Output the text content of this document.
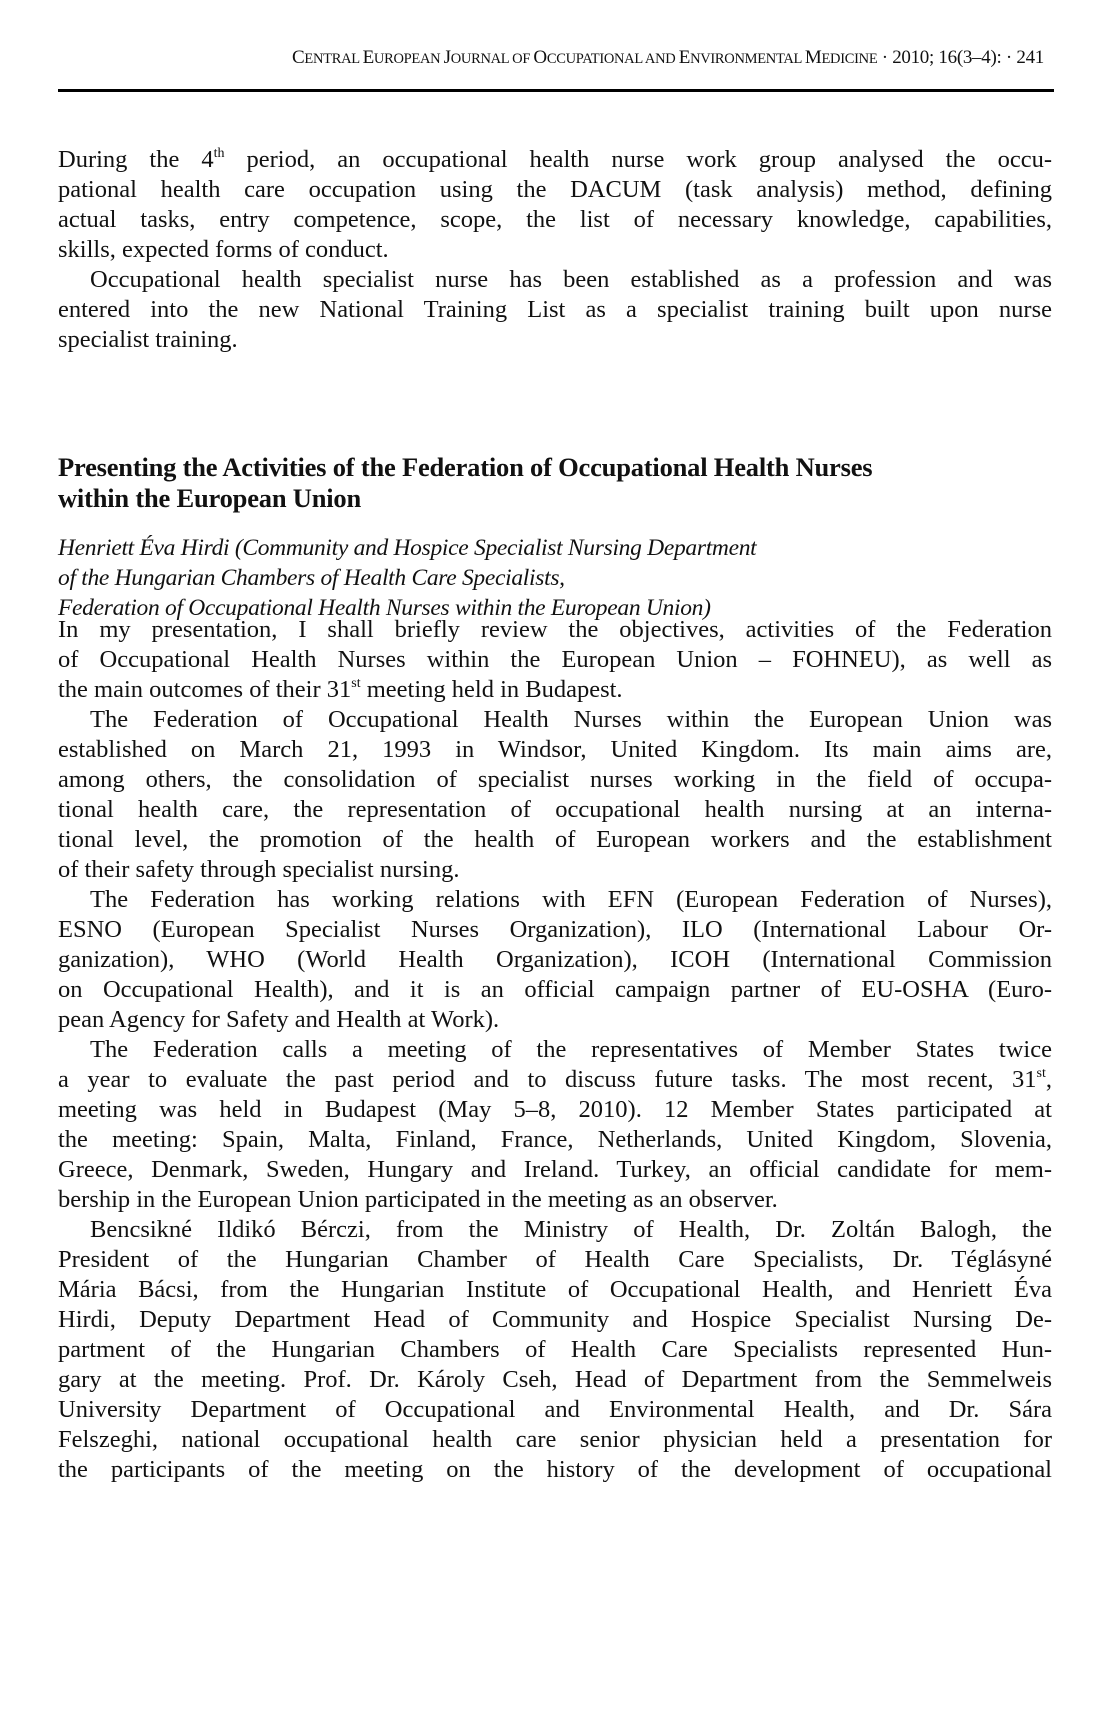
CENTRAL EUROPEAN JOURNAL OF OCCUPATIONAL AND ENVIRONMENTAL MEDICINE · 2010; 16(3–4): · 241
During the 4th period, an occupational health nurse work group analysed the occu-
pational health care occupation using the DACUM (task analysis) method, defining
actual tasks, entry competence, scope, the list of necessary knowledge, capabilities,
skills, expected forms of conduct.
Occupational health specialist nurse has been established as a profession and was
entered into the new National Training List as a specialist training built upon nurse
specialist training.
Presenting the Activities of the Federation of Occupational Health Nurses
within the European Union
Henriett Éva Hirdi (Community and Hospice Specialist Nursing Department
of the Hungarian Chambers of Health Care Specialists,
Federation of Occupational Health Nurses within the European Union)
In my presentation, I shall briefly review the objectives, activities of the Federation
of Occupational Health Nurses within the European Union – FOHNEU), as well as
the main outcomes of their 31st meeting held in Budapest.
The Federation of Occupational Health Nurses within the European Union was
established on March 21, 1993 in Windsor, United Kingdom. Its main aims are,
among others, the consolidation of specialist nurses working in the field of occupa-
tional health care, the representation of occupational health nursing at an interna-
tional level, the promotion of the health of European workers and the establishment
of their safety through specialist nursing.
The Federation has working relations with EFN (European Federation of Nurses),
ESNO (European Specialist Nurses Organization), ILO (International Labour Or-
ganization), WHO (World Health Organization), ICOH (International Commission
on Occupational Health), and it is an official campaign partner of EU-OSHA (Euro-
pean Agency for Safety and Health at Work).
The Federation calls a meeting of the representatives of Member States twice
a year to evaluate the past period and to discuss future tasks. The most recent, 31st,
meeting was held in Budapest (May 5–8, 2010). 12 Member States participated at
the meeting: Spain, Malta, Finland, France, Netherlands, United Kingdom, Slovenia,
Greece, Denmark, Sweden, Hungary and Ireland. Turkey, an official candidate for mem-
bership in the European Union participated in the meeting as an observer.
Bencsikné Ildikó Bérczi, from the Ministry of Health, Dr. Zoltán Balogh, the
President of the Hungarian Chamber of Health Care Specialists, Dr. Téglásyné
Mária Bácsi, from the Hungarian Institute of Occupational Health, and Henriett Éva
Hirdi, Deputy Department Head of Community and Hospice Specialist Nursing De-
partment of the Hungarian Chambers of Health Care Specialists represented Hun-
gary at the meeting. Prof. Dr. Károly Cseh, Head of Department from the Semmelweis
University Department of Occupational and Environmental Health, and Dr. Sára
Felszeghi, national occupational health care senior physician held a presentation for
the participants of the meeting on the history of the development of occupational
